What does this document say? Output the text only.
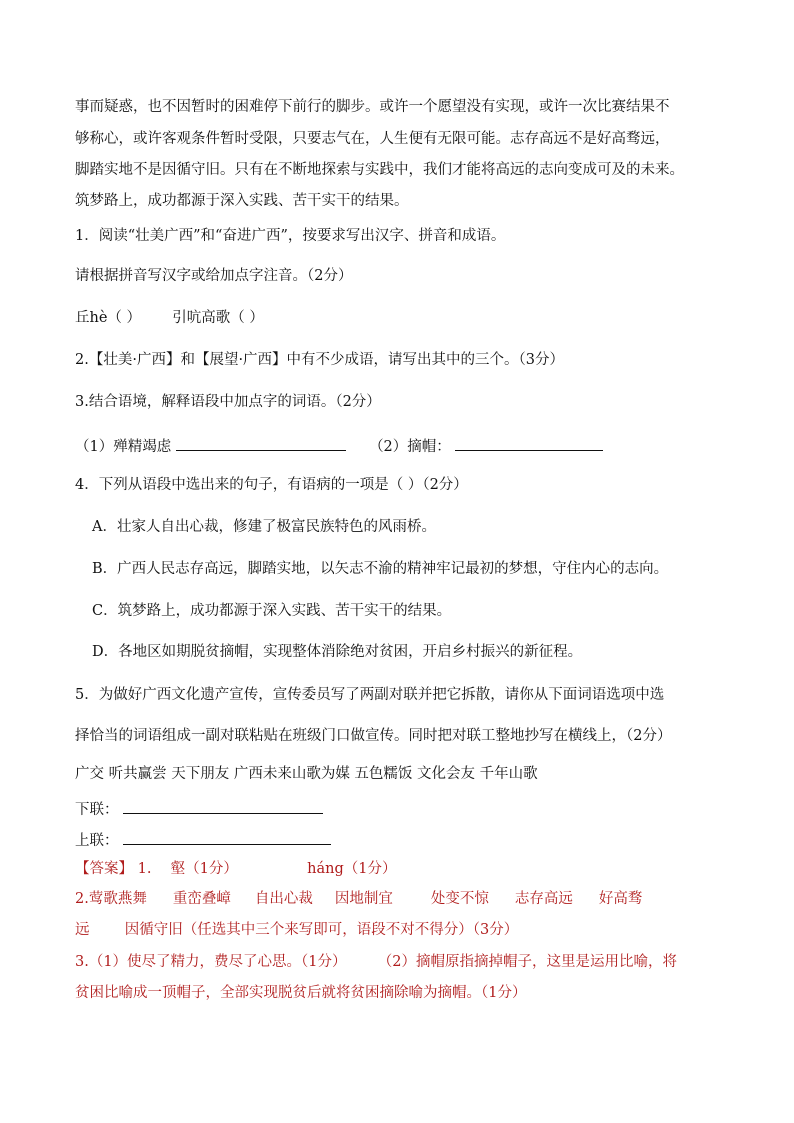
事而疑惑，也不因暂时的困难停下前行的脚步。或许一个愿望没有实现，或许一次比赛结果不
够称心，或许客观条件暂时受限，只要志气在，人生便有无限可能。志存高远不是好高骛远，
脚踏实地不是因循守旧。只有在不断地探索与实践中，我们才能将高远的志向变成可及的未来。
筑梦路上，成功都源于深入实践、苦干实干的结果。
1．阅读“壮美广西”和“奋进广西”，按要求写出汉字、拼音和成语。
请根据拼音写汉字或给加点字注音。（2分）
丘hè（ ） 引吭高歌（ ）
2.【壮美·广西】和【展望·广西】中有不少成语，请写出其中的三个。（3分）
3.结合语境，解释语段中加点字的词语。（2分）
（1）殚精竭虑	（2）摘帽：
4．下列从语段中选出来的句子，有语病的一项是（ ）（2分）
A．壮家人自出心裁，修建了极富民族特色的风雨桥。
B．广西人民志存高远，脚踏实地，以矢志不渝的精神牢记最初的梦想，守住内心的志向。
C．筑梦路上，成功都源于深入实践、苦干实干的结果。
D．各地区如期脱贫摘帽，实现整体消除绝对贫困，开启乡村振兴的新征程。
5．为做好广西文化遗产宣传，宣传委员写了两副对联并把它拆散，请你从下面词语选项中选
择恰当的词语组成一副对联粘贴在班级门口做宣传。同时把对联工整地抄写在横线上，（2分）
广交 听共赢尝 天下朋友 广西未来山歌为媒 五色糯饭 文化会友 千年山歌
下联：
上联：
【答案】 1. 壑（1分）	háng（1分）
2.莺歌燕舞 重峦叠嶂 自出心裁 因地制宜	处变不惊 志存高远 好高骛
远 因循守旧（任选其中三个来写即可，语段不对不得分）（3分）
3.（1）使尽了精力，费尽了心思。（1分） （2）摘帽原指摘掉帽子，这里是运用比喻，将
贫困比喻成一顶帽子，全部实现脱贫后就将贫困摘除喻为摘帽。（1分）
